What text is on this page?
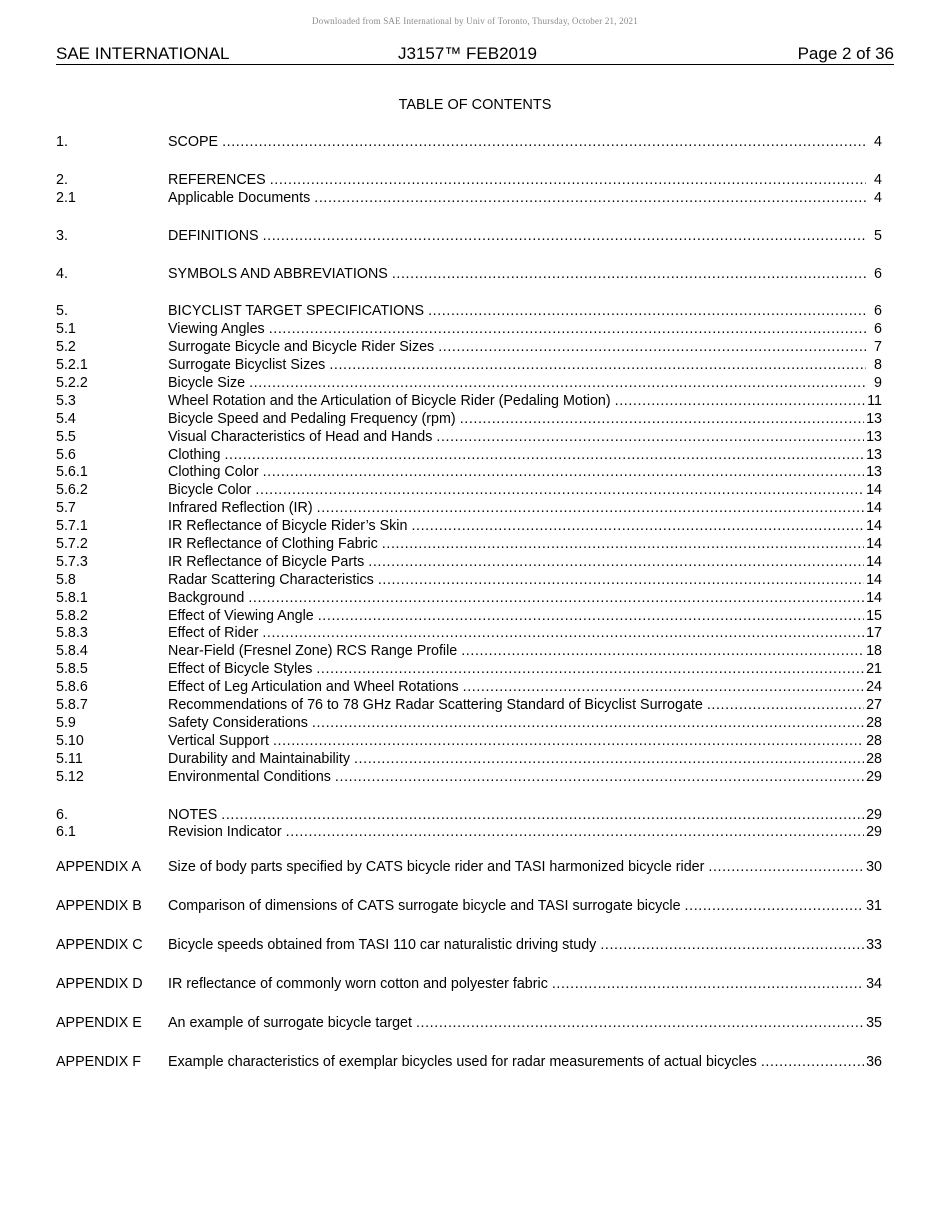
Downloaded from SAE International by Univ of Toronto, Thursday, October 21, 2021
SAE INTERNATIONAL	J3157™ FEB2019	Page 2 of 36
TABLE OF CONTENTS
1.	SCOPE .....	4
2.	REFERENCES .....	4
2.1	Applicable Documents .....	4
3.	DEFINITIONS .....	5
4.	SYMBOLS AND ABBREVIATIONS .....	6
5.	BICYCLIST TARGET SPECIFICATIONS .....	6
5.1	Viewing Angles .....	6
5.2	Surrogate Bicycle and Bicycle Rider Sizes .....	7
5.2.1	Surrogate Bicyclist Sizes .....	8
5.2.2	Bicycle Size .....	9
5.3	Wheel Rotation and the Articulation of Bicycle Rider (Pedaling Motion) .....	11
5.4	Bicycle Speed and Pedaling Frequency (rpm) .....	13
5.5	Visual Characteristics of Head and Hands .....	13
5.6	Clothing .....	13
5.6.1	Clothing Color .....	13
5.6.2	Bicycle Color .....	14
5.7	Infrared Reflection (IR) .....	14
5.7.1	IR Reflectance of Bicycle Rider’s Skin .....	14
5.7.2	IR Reflectance of Clothing Fabric .....	14
5.7.3	IR Reflectance of Bicycle Parts .....	14
5.8	Radar Scattering Characteristics .....	14
5.8.1	Background .....	14
5.8.2	Effect of Viewing Angle .....	15
5.8.3	Effect of Rider .....	17
5.8.4	Near-Field (Fresnel Zone) RCS Range Profile .....	18
5.8.5	Effect of Bicycle Styles .....	21
5.8.6	Effect of Leg Articulation and Wheel Rotations .....	24
5.8.7	Recommendations of 76 to 78 GHz Radar Scattering Standard of Bicyclist Surrogate .....	27
5.9	Safety Considerations .....	28
5.10	Vertical Support .....	28
5.11	Durability and Maintainability .....	28
5.12	Environmental Conditions .....	29
6.	NOTES .....	29
6.1	Revision Indicator .....	29
APPENDIX A	Size of body parts specified by CATS bicycle rider and TASI harmonized bicycle rider .....	30
APPENDIX B	Comparison of dimensions of CATS surrogate bicycle and TASI surrogate bicycle .....	31
APPENDIX C	Bicycle speeds obtained from TASI 110 car naturalistic driving study .....	33
APPENDIX D	IR reflectance of commonly worn cotton and polyester fabric .....	34
APPENDIX E	An example of surrogate bicycle target .....	35
APPENDIX F	Example characteristics of exemplar bicycles used for radar measurements of actual bicycles .....	36
